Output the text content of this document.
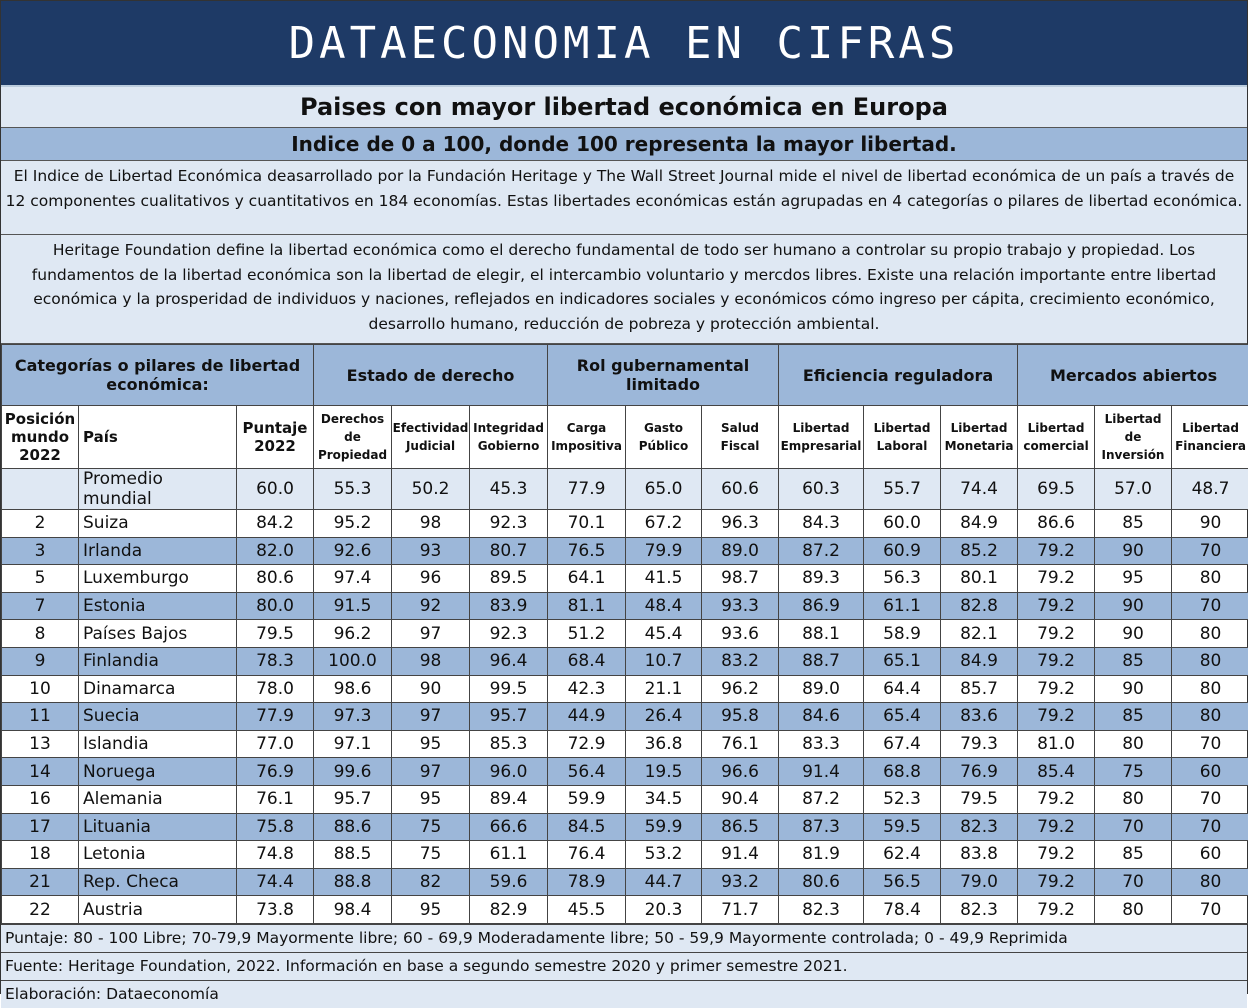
DATAECONOMIA EN CIFRAS
Paises con mayor libertad económica en Europa
Indice de 0 a 100, donde 100 representa la mayor libertad.
El Indice de Libertad Económica deasarrollado por la Fundación Heritage y The Wall Street Journal mide el nivel de libertad económica de un país a través de 12 componentes cualitativos y cuantitativos en 184 economías. Estas libertades económicas están agrupadas en 4 categorías o pilares de libertad económica.
Heritage Foundation define la libertad económica como el derecho fundamental de todo ser humano a controlar su propio trabajo y propiedad. Los fundamentos de la libertad económica son la libertad de elegir, el intercambio voluntario y mercdos libres. Existe una relación importante entre libertad económica y la prosperidad de individuos y naciones, reflejados en indicadores sociales y económicos cómo ingreso per cápita, crecimiento económico, desarrollo humano, reducción de pobreza y protección ambiental.
Categorías o pilares de libertad económica:			Estado de derecho			Rol gubernamental limitado			Eficiencia reguladora			Mercados abiertos		
Posición mundo 2022	País	Puntaje 2022	Derechos de Propiedad	Efectividad Judicial	Integridad Gobierno	Carga Impositiva	Gasto Público	Salud Fiscal	Libertad Empresarial	Libertad Laboral	Libertad Monetaria	Libertad comercial	Libertad de Inversión	Libertad Financiera
	Promedio mundial	60.0	55.3	50.2	45.3	77.9	65.0	60.6	60.3	55.7	74.4	69.5	57.0	48.7
2	Suiza	84.2	95.2	98	92.3	70.1	67.2	96.3	84.3	60.0	84.9	86.6	85	90
3	Irlanda	82.0	92.6	93	80.7	76.5	79.9	89.0	87.2	60.9	85.2	79.2	90	70
5	Luxemburgo	80.6	97.4	96	89.5	64.1	41.5	98.7	89.3	56.3	80.1	79.2	95	80
7	Estonia	80.0	91.5	92	83.9	81.1	48.4	93.3	86.9	61.1	82.8	79.2	90	70
8	Países Bajos	79.5	96.2	97	92.3	51.2	45.4	93.6	88.1	58.9	82.1	79.2	90	80
9	Finlandia	78.3	100.0	98	96.4	68.4	10.7	83.2	88.7	65.1	84.9	79.2	85	80
10	Dinamarca	78.0	98.6	90	99.5	42.3	21.1	96.2	89.0	64.4	85.7	79.2	90	80
11	Suecia	77.9	97.3	97	95.7	44.9	26.4	95.8	84.6	65.4	83.6	79.2	85	80
13	Islandia	77.0	97.1	95	85.3	72.9	36.8	76.1	83.3	67.4	79.3	81.0	80	70
14	Noruega	76.9	99.6	97	96.0	56.4	19.5	96.6	91.4	68.8	76.9	85.4	75	60
16	Alemania	76.1	95.7	95	89.4	59.9	34.5	90.4	87.2	52.3	79.5	79.2	80	70
17	Lituania	75.8	88.6	75	66.6	84.5	59.9	86.5	87.3	59.5	82.3	79.2	70	70
18	Letonia	74.8	88.5	75	61.1	76.4	53.2	91.4	81.9	62.4	83.8	79.2	85	60
21	Rep. Checa	74.4	88.8	82	59.6	78.9	44.7	93.2	80.6	56.5	79.0	79.2	70	80
22	Austria	73.8	98.4	95	82.9	45.5	20.3	71.7	82.3	78.4	82.3	79.2	80	70
Puntaje: 80 - 100 Libre; 70-79,9 Mayormente libre; 60 - 69,9 Moderadamente libre; 50 - 59,9 Mayormente controlada; 0 - 49,9 Reprimida
Fuente: Heritage Foundation, 2022. Información en base a segundo semestre 2020 y primer semestre 2021.
Elaboración: Dataeconomía
